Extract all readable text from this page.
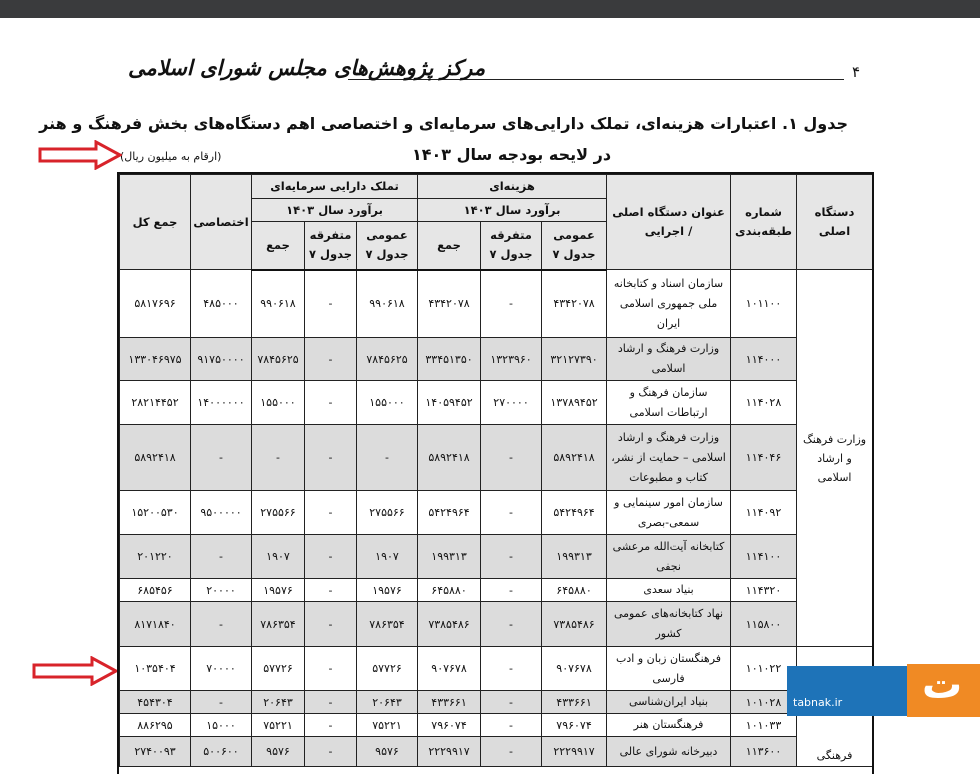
۴
مرکز پژوهش‌های مجلس شورای اسلامی
جدول ۱. اعتبارات هزینه‌ای، تملک دارایی‌های سرمایه‌ای و اختصاصی اهم دستگاه‌های بخش فرهنگ و هنر
در لایحه بودجه سال ۱۴۰۳
(ارقام به میلیون ریال)
دستگاه اصلی	شماره طبقه‌بندی	عنوان دستگاه اصلی / اجرایی	هزینه‌ای			تملک دارایی سرمایه‌ای			اختصاصی	جمع کل
			برآورد سال ۱۴۰۳			برآورد سال ۱۴۰۳				
			عمومی جدول ۷	متفرقه جدول ۷	جمع	عمومی جدول ۷	متفرقه جدول ۷	جمع		
وزارت فرهنگ و ارشاد اسلامی	۱۰۱۱۰۰	سازمان اسناد و کتابخانه ملی جمهوری اسلامی ایران	۴۳۴۲۰۷۸	-	۴۳۴۲۰۷۸	۹۹۰۶۱۸	-	۹۹۰۶۱۸	۴۸۵۰۰۰	۵۸۱۷۶۹۶
	۱۱۴۰۰۰	وزارت فرهنگ و ارشاد اسلامی	۳۲۱۲۷۳۹۰	۱۳۲۳۹۶۰	۳۳۴۵۱۳۵۰	۷۸۴۵۶۲۵	-	۷۸۴۵۶۲۵	۹۱۷۵۰۰۰۰	۱۳۳۰۴۶۹۷۵
	۱۱۴۰۲۸	سازمان فرهنگ و ارتباطات اسلامی	۱۳۷۸۹۴۵۲	۲۷۰۰۰۰	۱۴۰۵۹۴۵۲	۱۵۵۰۰۰	-	۱۵۵۰۰۰	۱۴۰۰۰۰۰۰	۲۸۲۱۴۴۵۲
	۱۱۴۰۴۶	وزارت فرهنگ و ارشاد اسلامی – حمایت از نشر، کتاب و مطبوعات	۵۸۹۲۴۱۸	-	۵۸۹۲۴۱۸	-	-	-	-	۵۸۹۲۴۱۸
	۱۱۴۰۹۲	سازمان امور سینمایی و سمعی-بصری	۵۴۲۴۹۶۴	-	۵۴۲۴۹۶۴	۲۷۵۵۶۶	-	۲۷۵۵۶۶	۹۵۰۰۰۰۰	۱۵۲۰۰۵۳۰
	۱۱۴۱۰۰	کتابخانه آیت‌الله مرعشی نجفی	۱۹۹۳۱۳	-	۱۹۹۳۱۳	۱۹۰۷	-	۱۹۰۷	-	۲۰۱۲۲۰
	۱۱۴۳۲۰	بنیاد سعدی	۶۴۵۸۸۰	-	۶۴۵۸۸۰	۱۹۵۷۶	-	۱۹۵۷۶	۲۰۰۰۰	۶۸۵۴۵۶
	۱۱۵۸۰۰	نهاد کتابخانه‌های عمومی کشور	۷۳۸۵۴۸۶	-	۷۳۸۵۴۸۶	۷۸۶۳۵۴	-	۷۸۶۳۵۴	-	۸۱۷۱۸۴۰
فرهنگی	۱۰۱۰۲۲	فرهنگستان زبان و ادب فارسی	۹۰۷۶۷۸	-	۹۰۷۶۷۸	۵۷۷۲۶	-	۵۷۷۲۶	۷۰۰۰۰	۱۰۳۵۴۰۴
	۱۰۱۰۲۸	بنیاد ایران‌شناسی	۴۳۳۶۶۱	-	۴۳۳۶۶۱	۲۰۶۴۳	-	۲۰۶۴۳	-	۴۵۴۳۰۴
	۱۰۱۰۳۳	فرهنگستان هنر	۷۹۶۰۷۴	-	۷۹۶۰۷۴	۷۵۲۲۱	-	۷۵۲۲۱	۱۵۰۰۰	۸۸۶۲۹۵
	۱۱۳۶۰۰	دبیرخانه شورای عالی	۲۲۲۹۹۱۷	-	۲۲۲۹۹۱۷	۹۵۷۶	-	۹۵۷۶	۵۰۰۶۰۰	۲۷۴۰۰۹۳
tabnak.ir ت
